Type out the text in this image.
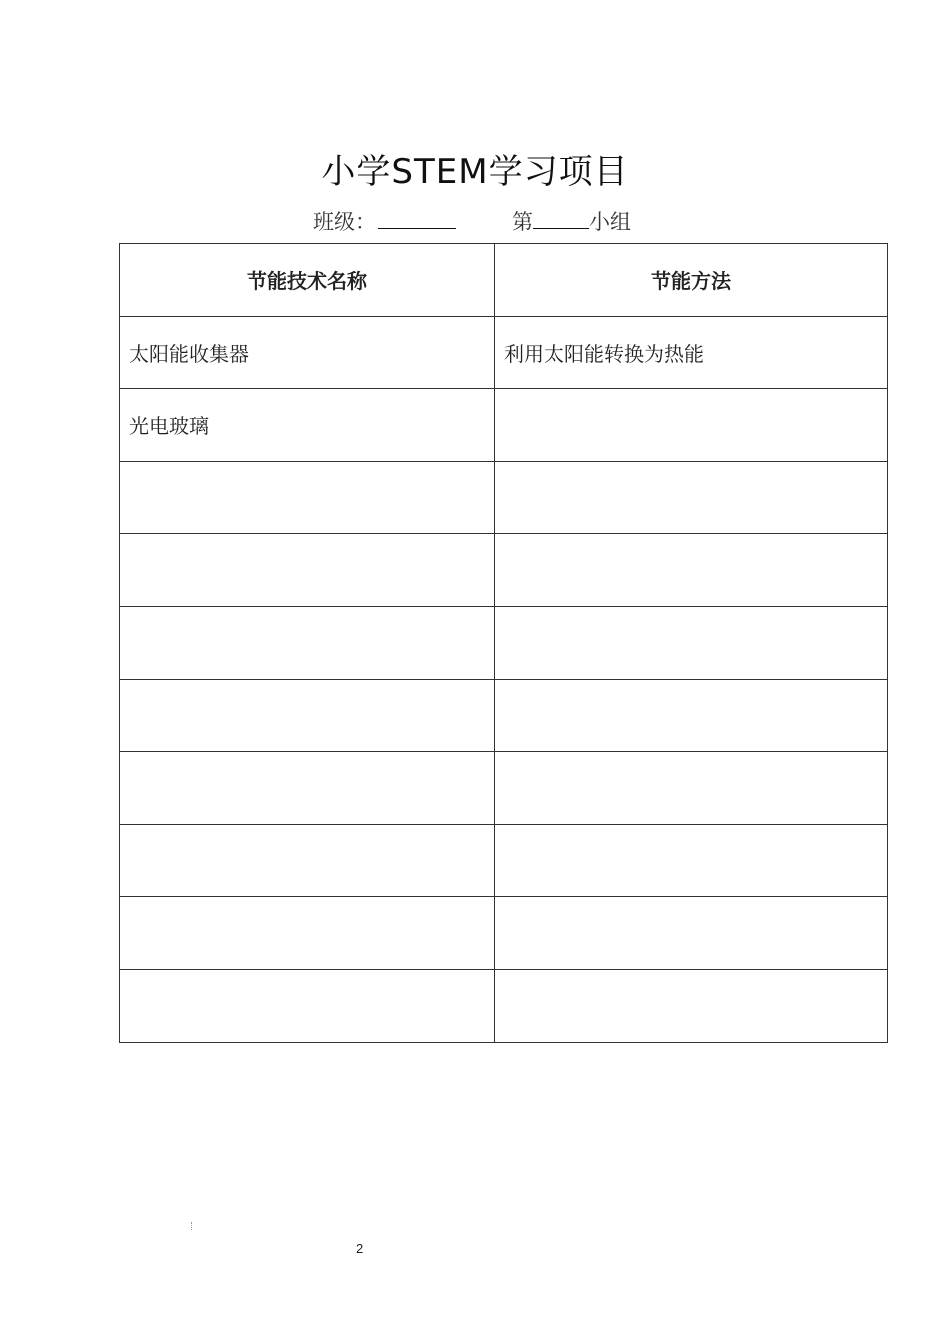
小学STEM学习项目
班级：	第	小组
节能技术名称	节能方法
太阳能收集器	利用太阳能转换为热能
光电玻璃	

2
